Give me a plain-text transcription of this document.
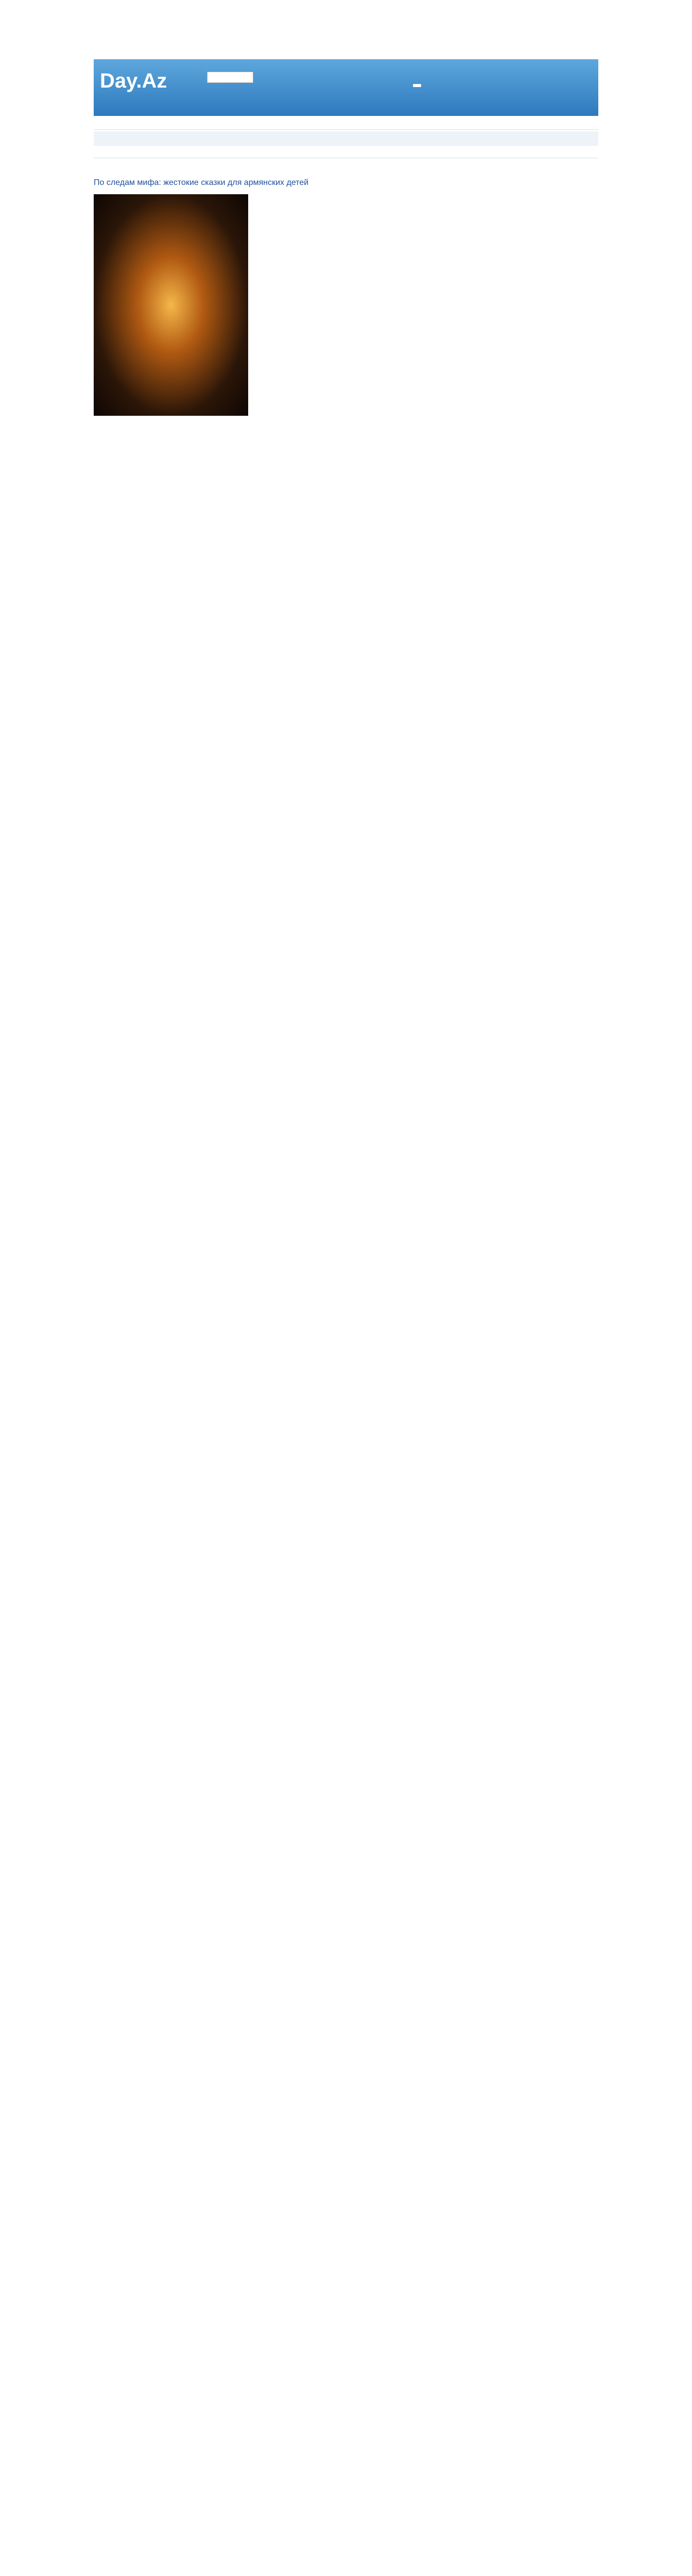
Day.Az
По следам мифа: жестокие сказки для армянских детей
